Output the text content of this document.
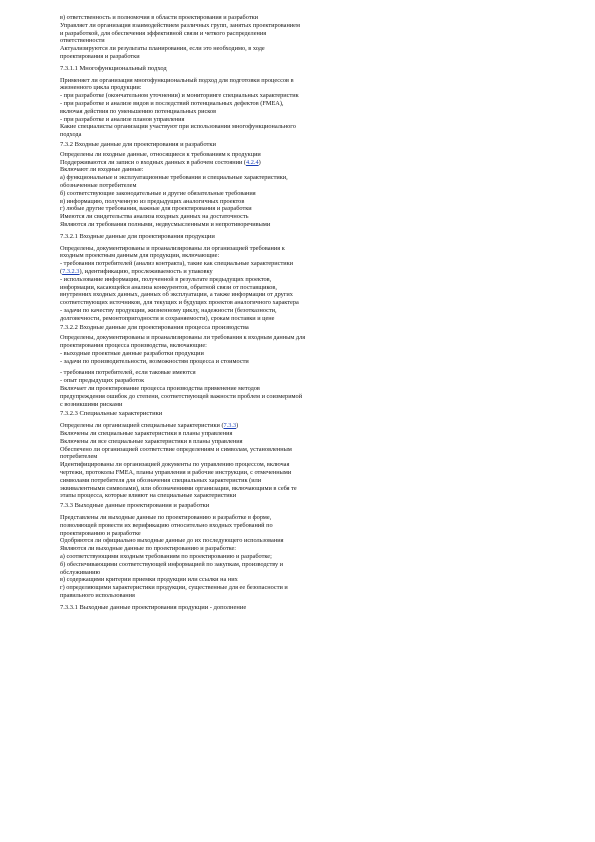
в) ответственность и полномочия в области проектирования и разработки
Управляет ли организация взаимодействием различных групп, занятых проектированием
и разработкой, для обеспечения эффективной связи и четкого распределения
ответственности
Актуализируются ли результаты планирования, если это необходимо, в ходе
проектирования и разработки
7.3.1.1 Многофункциональный подход
Применяет ли организация многофункциональный подход для подготовки процессов в
жизненного цикла продукции:
- при разработке (окончательном уточнении) и мониторинге специальных характеристик
- при разработке и анализе видов и последствий потенциальных дефектов (FMEA),
включая действия по уменьшению потенциальных рисков
- при разработке и анализе планов управления
Какие специалисты организации участвуют при использовании многофункционального
подхода
7.3.2 Входные данные для проектирования и разработки
Определены ли входные данные, относящиеся к требованиям к продукции
Поддерживаются ли записи о входных данных в рабочем состоянии (4.2.4)
Включают ли входные данные:
а) функциональные и эксплуатационные требования и специальные характеристики,
обозначенные потребителем
б) соответствующие законодательные и другие обязательные требования
в) информацию, полученную из предыдущих аналогичных проектов
г) любые другие требования, важные для проектирования и разработки
Имеются ли свидетельства анализа входных данных на достаточность
Являются ли требования полными, недвусмысленными и непротиворечивыми
7.3.2.1 Входные данные для проектирования продукции
Определены, документированы и проанализированы ли организацией требования к
входным проектным данным для продукции, включающие:
- требования потребителей (анализ контракта), такие как специальные характеристики
(7.3.2.3), идентификацию, прослеживаемость и упаковку
- использование информации, полученной в результате предыдущих проектов,
информации, касающейся анализа конкурентов, обратной связи от поставщиков,
внутренних входных данных, данных об эксплуатации, а также информации от других
соответствующих источников, для текущих и будущих проектов аналогичного характера
- задачи по качеству продукции, жизненному циклу, надежности (безотказности,
долговечности, ремонтопригодности и сохраняемости), срокам поставки и цене
7.3.2.2 Входные данные для проектирования процесса производства
Определены, документированы и проанализированы ли требования к входным данным для
проектирования процесса производства, включающие:
- выходные проектные данные разработки продукции
- задачи по производительности, возможностям процесса и стоимости
- требования потребителей, если таковые имеются
- опыт предыдущих разработок
Включает ли проектирование процесса производства применение методов
предупреждения ошибок до степени, соответствующей важности проблем и соизмеримой
с возникшими рисками
7.3.2.3 Специальные характеристики
Определены ли организацией специальные характеристики (7.3.3)
Включены ли специальные характеристики в планы управления
Включены ли все специальные характеристики в планы управления
Обеспечено ли организацией соответствие определениям и символам, установленным
потребителем
Идентифицированы ли организацией документы по управлению процессом, включая
чертежи, протоколы FMEA, планы управления и рабочие инструкции, с отмеченными
символами потребителя для обозначения специальных характеристик (или
эквивалентными символами), или обозначениями организации, включающими в себя те
этапы процесса, которые влияют на специальные характеристики
7.3.3 Выходные данные проектирования и разработки
Представлены ли выходные данные по проектированию и разработке в форме,
позволяющей провести их верификацию относительно входных требований по
проектированию и разработке
Одобряются ли официально выходные данные до их последующего использования
Являются ли выходные данные по проектированию и разработке:
а) соответствующими входным требованиям по проектированию и разработке;
б) обеспечивающими соответствующей информацией по закупкам, производству и
обслуживанию
в) содержащими критерии приемки продукции или ссылки на них
г) определяющими характеристики продукции, существенные для ее безопасности и
правильного использования
7.3.3.1 Выходные данные проектирования продукции - дополнение
